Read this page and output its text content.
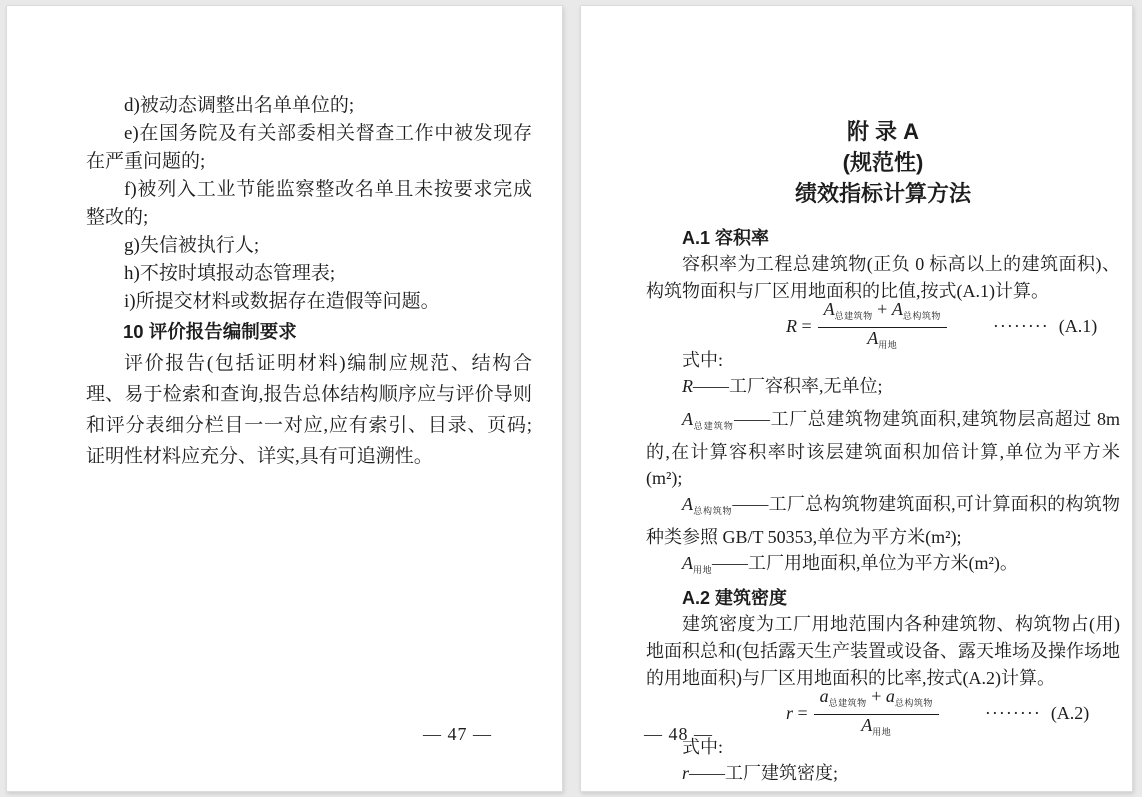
d)被动态调整出名单单位的;

e)在国务院及有关部委相关督查工作中被发现存在严重问题的;

f)被列入工业节能监察整改名单且未按要求完成整改的;

g)失信被执行人;

h)不按时填报动态管理表;

i)所提交材料或数据存在造假等问题。

10 评价报告编制要求

评价报告(包括证明材料)编制应规范、结构合理、易于检索和查询,报告总体结构顺序应与评价导则和评分表细分栏目一一对应,应有索引、目录、页码;证明性材料应充分、详实,具有可追溯性。

— 47 —
附 录 A
(规范性)
绩效指标计算方法

A.1 容积率

容积率为工程总建筑物(正负 0 标高以上的建筑面积)、构筑物面积与厂区用地面积的比值,按式(A.1)计算。

$R = \frac{A_{总建筑物} + A_{总构筑物}}{A_{用地}}$	········ (A.1)

式中:

R——工厂容积率,无单位;

$A_{总建筑物}——$工厂总建筑物建筑面积,建筑物层高超过 8m 的,在计算容积率时该层建筑面积加倍计算,单位为平方米(m²);

$A_{总构筑物}——$工厂总构筑物建筑面积,可计算面积的构筑物种类参照 GB/T 50353,单位为平方米(m²);

$A_{用地}——$工厂用地面积,单位为平方米(m²)。

A.2 建筑密度

建筑密度为工厂用地范围内各种建筑物、构筑物占(用)地面积总和(包括露天生产装置或设备、露天堆场及操作场地的用地面积)与厂区用地面积的比率,按式(A.2)计算。

$r = \frac{a_{总建筑物} + a_{总构筑物}}{A_{用地}}$	········ (A.2)

式中:

r——工厂建筑密度;

— 48 —
